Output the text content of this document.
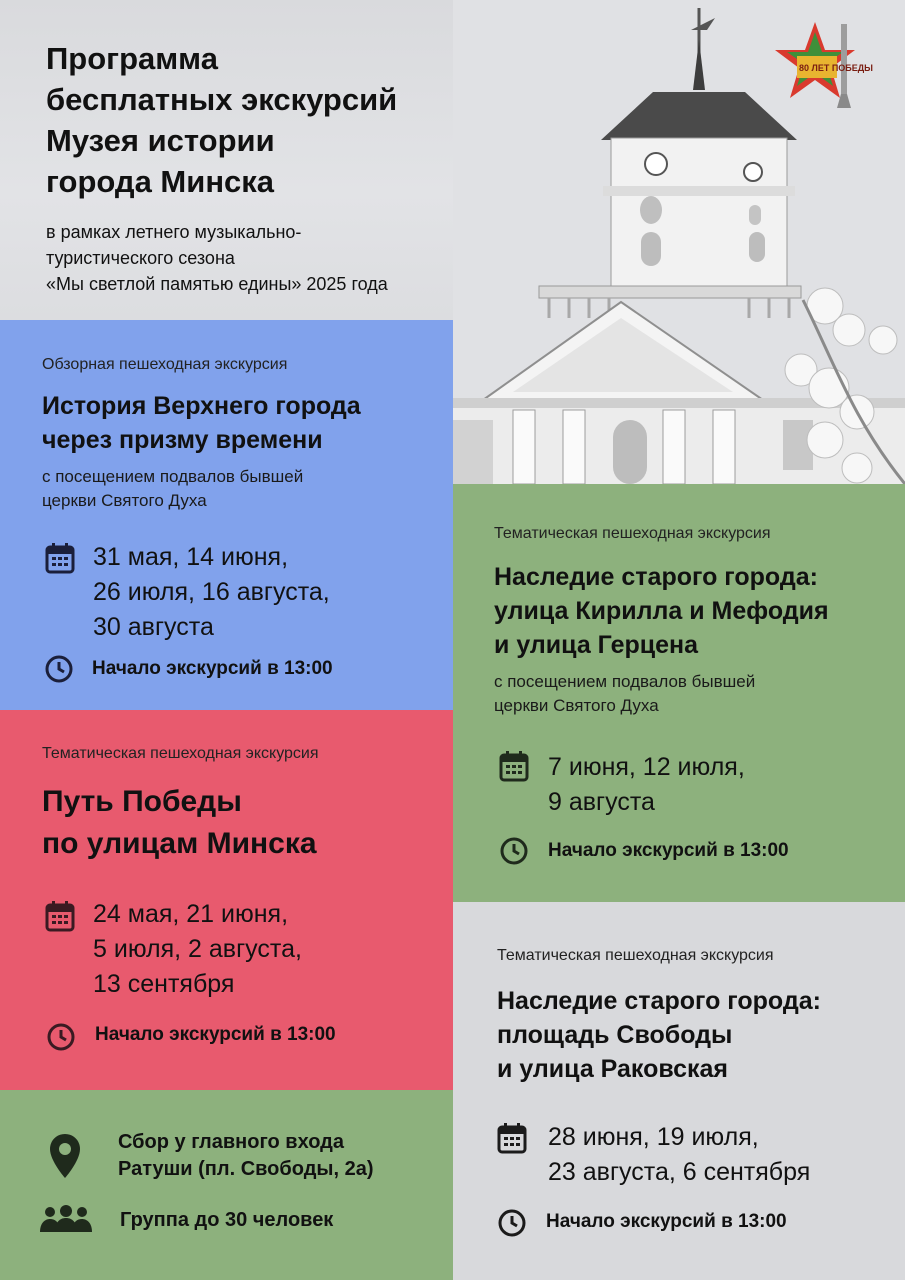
Программа
бесплатных экскурсий
Музея истории
города Минска
в рамках летнего музыкально-
туристического сезона
«Мы светлой памятью едины» 2025 года
80 ЛЕТ ПОБЕДЫ
Обзорная пешеходная экскурсия
История Верхнего города
через призму времени
с посещением подвалов бывшей
церкви Святого Духа
31 мая, 14 июня,
26 июля, 16 августа,
30 августа
Начало экскурсий в 13:00
Тематическая пешеходная экскурсия
Путь Победы
по улицам Минска
24 мая, 21 июня,
5 июля, 2 августа,
13 сентября
Начало экскурсий в 13:00
Сбор у главного входа
Ратуши (пл. Свободы, 2а)
Группа до 30 человек
Тематическая пешеходная экскурсия
Наследие старого города:
улица Кирилла и Мефодия
и улица Герцена
с посещением подвалов бывшей
церкви Святого Духа
7 июня, 12 июля,
9 августа
Начало экскурсий в 13:00
Тематическая пешеходная экскурсия
Наследие старого города:
площадь Свободы
и улица Раковская
28 июня, 19 июля,
23 августа, 6 сентября
Начало экскурсий в 13:00
